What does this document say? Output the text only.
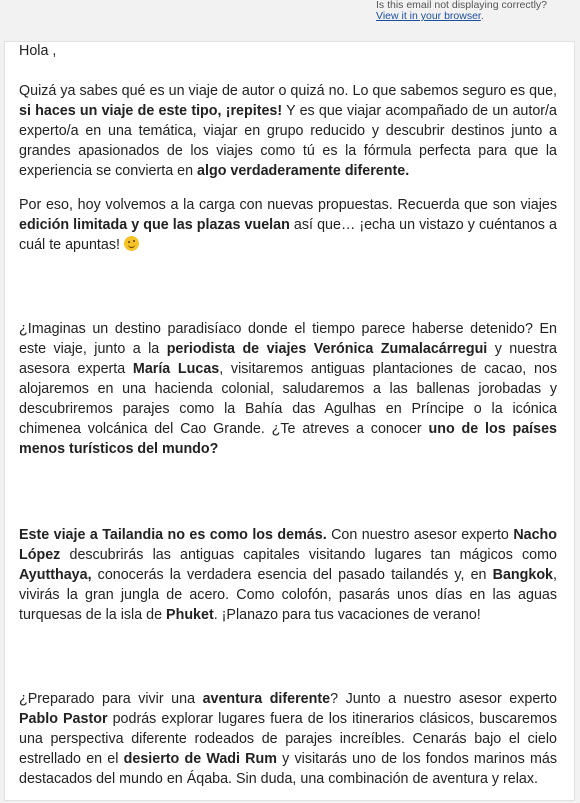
Descubre nuestros nuevos viajes de autor este verano	Is this email not displaying correctly?
View it in your browser.

Hola ,

Quizá ya sabes qué es un viaje de autor o quizá no. Lo que sabemos seguro es que, si haces un viaje de este tipo, ¡repites! Y es que viajar acompañado de un autor/a experto/a en una temática, viajar en grupo reducido y descubrir destinos junto a grandes apasionados de los viajes como tú es la fórmula perfecta para que la experiencia se convierta en algo verdaderamente diferente.

Por eso, hoy volvemos a la carga con nuevas propuestas. Recuerda que son viajes edición limitada y que las plazas vuelan así que… ¡echa un vistazo y cuéntanos a cuál te apuntas!

¿Imaginas un destino paradisíaco donde el tiempo parece haberse detenido? En este viaje, junto a la periodista de viajes Verónica Zumalacárregui y nuestra asesora experta María Lucas, visitaremos antiguas plantaciones de cacao, nos alojaremos en una hacienda colonial, saludaremos a las ballenas jorobadas y descubriremos parajes como la Bahía das Agulhas en Príncipe o la icónica chimenea volcánica del Cao Grande. ¿Te atreves a conocer uno de los países menos turísticos del mundo?

Este viaje a Tailandia no es como los demás. Con nuestro asesor experto Nacho López descubrirás las antiguas capitales visitando lugares tan mágicos como Ayutthaya, conocerás la verdadera esencia del pasado tailandés y, en Bangkok, vivirás la gran jungla de acero. Como colofón, pasarás unos días en las aguas turquesas de la isla de Phuket. ¡Planazo para tus vacaciones de verano!

¿Preparado para vivir una aventura diferente? Junto a nuestro asesor experto Pablo Pastor podrás explorar lugares fuera de los itinerarios clásicos, buscaremos una perspectiva diferente rodeados de parajes increíbles. Cenarás bajo el cielo estrellado en el desierto de Wadi Rum y visitarás uno de los fondos marinos más destacados del mundo en Áqaba. Sin duda, una combinación de aventura y relax.
